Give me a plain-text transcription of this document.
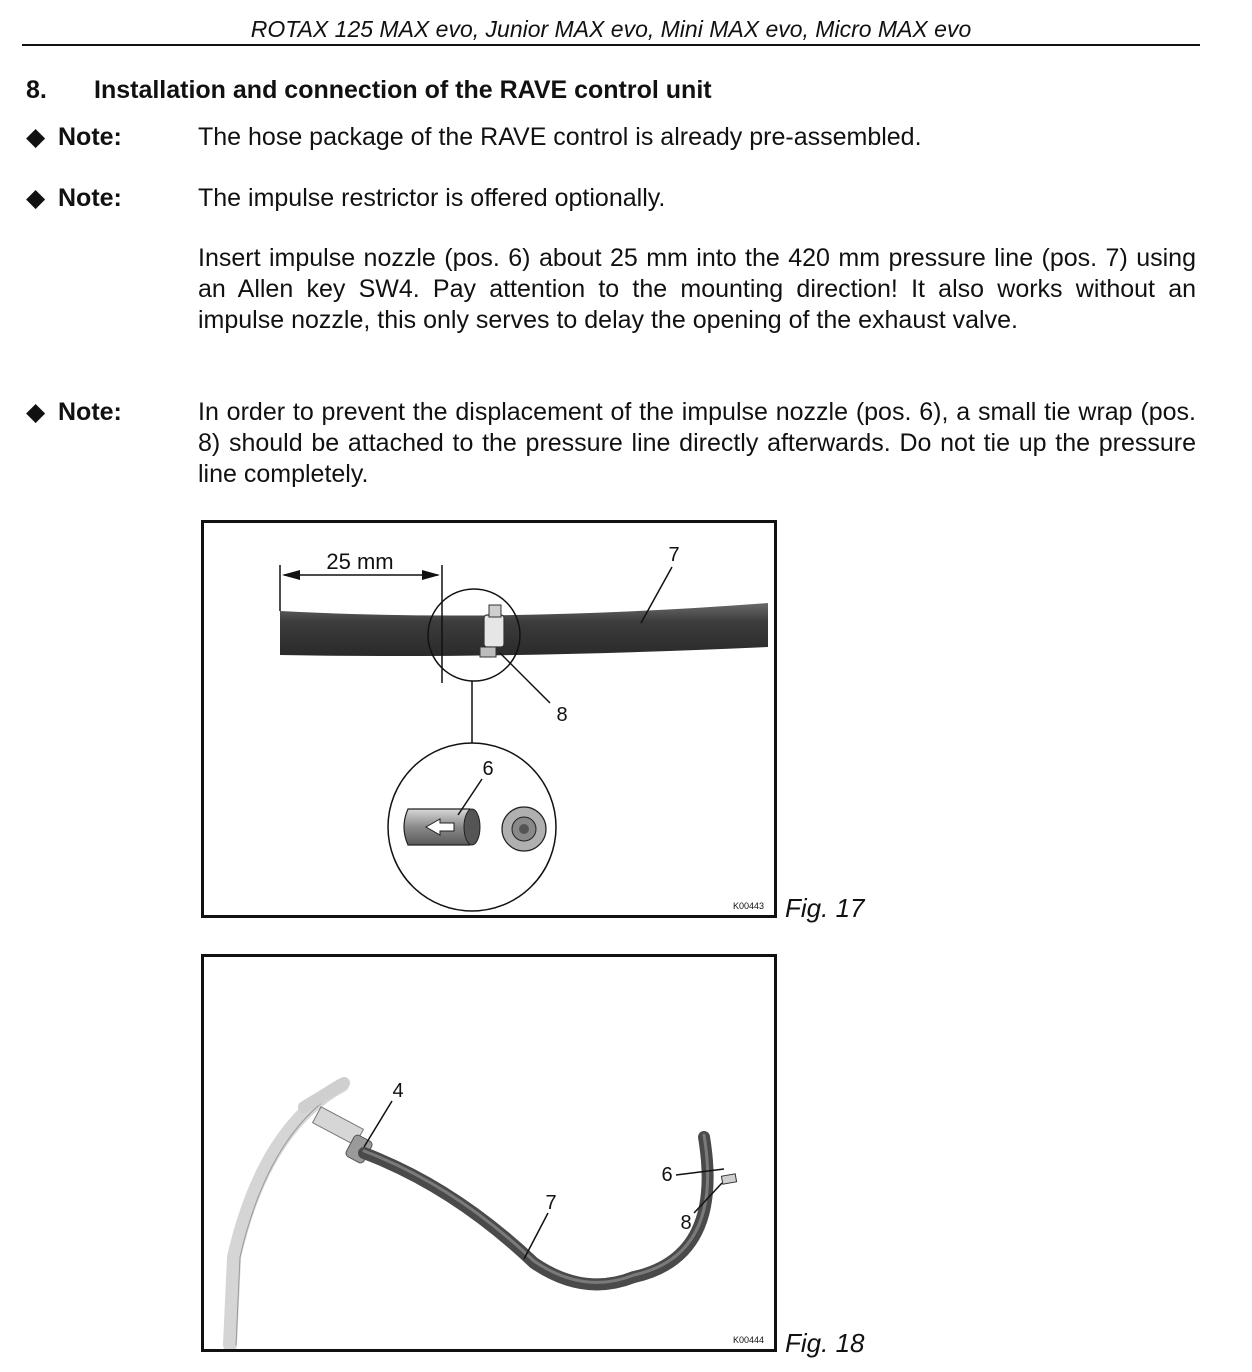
ROTAX 125 MAX evo, Junior MAX evo, Mini MAX evo, Micro MAX evo
8. Installation and connection of the RAVE control unit
◆ Note:	The hose package of the RAVE control is already pre-assembled.
◆ Note:	The impulse restrictor is offered optionally.
Insert impulse nozzle (pos. 6) about 25 mm into the 420 mm pressure line (pos. 7) using an Allen key SW4. Pay attention to the mounting direction! It also works without an impulse nozzle, this only serves to delay the opening of the exhaust valve.
◆ Note:	In order to prevent the displacement of the impulse nozzle (pos. 6), a small tie wrap (pos. 8) should be attached to the pressure line directly afterwards. Do not tie up the pressure line completely.
25 mm	7
8
6
K00443 Fig. 17
4
7
6
8
K00444 Fig. 18
